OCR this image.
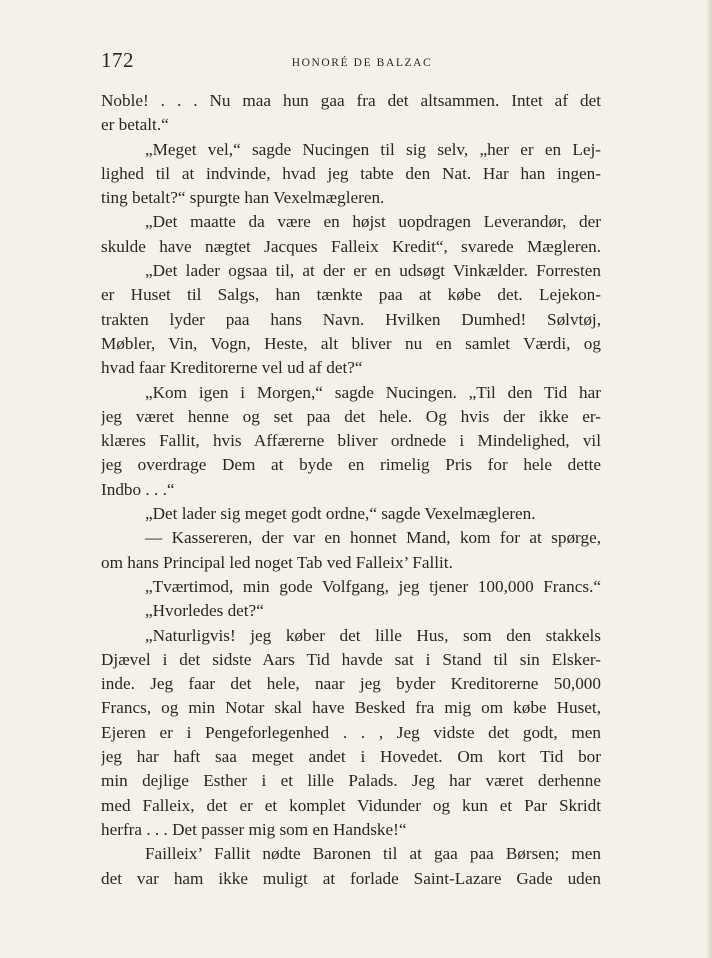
172	HONORÉ DE BALZAC
Noble! . . . Nu maa hun gaa fra det altsammen. Intet af det
er betalt.“
„Meget vel,“ sagde Nucingen til sig selv, „her er en Lej-
lighed til at indvinde, hvad jeg tabte den Nat. Har han ingen-
ting betalt?“ spurgte han Vexelmægleren.
„Det maatte da være en højst uopdragen Leverandør, der
skulde have nægtet Jacques Falleix Kredit“, svarede Mægleren.
„Det lader ogsaa til, at der er en udsøgt Vinkælder. Forresten
er Huset til Salgs, han tænkte paa at købe det. Lejekon-
trakten lyder paa hans Navn. Hvilken Dumhed! Sølvtøj,
Møbler, Vin, Vogn, Heste, alt bliver nu en samlet Værdi, og
hvad faar Kreditorerne vel ud af det?“
„Kom igen i Morgen,“ sagde Nucingen. „Til den Tid har
jeg været henne og set paa det hele. Og hvis der ikke er-
klæres Fallit, hvis Affærerne bliver ordnede i Mindelighed, vil
jeg overdrage Dem at byde en rimelig Pris for hele dette
Indbo . . .“
„Det lader sig meget godt ordne,“ sagde Vexelmægleren.
— Kassereren, der var en honnet Mand, kom for at spørge,
om hans Principal led noget Tab ved Falleix’ Fallit.
„Tværtimod, min gode Volfgang, jeg tjener 100,000 Francs.“
„Hvorledes det?“
„Naturligvis! jeg køber det lille Hus, som den stakkels
Djævel i det sidste Aars Tid havde sat i Stand til sin Elsker-
inde. Jeg faar det hele, naar jeg byder Kreditorerne 50,000
Francs, og min Notar skal have Besked fra mig om købe Huset,
Ejeren er i Pengeforlegenhed . . , Jeg vidste det godt, men
jeg har haft saa meget andet i Hovedet. Om kort Tid bor
min dejlige Esther i et lille Palads. Jeg har været derhenne
med Falleix, det er et komplet Vidunder og kun et Par Skridt
herfra . . . Det passer mig som en Handske!“
Failleix’ Fallit nødte Baronen til at gaa paa Børsen; men
det var ham ikke muligt at forlade Saint-Lazare Gade uden
